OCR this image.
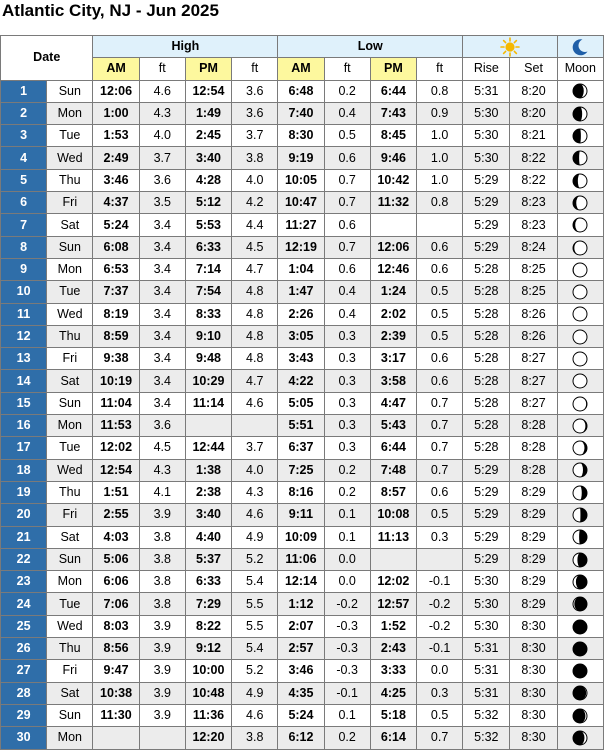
Atlantic City, NJ - Jun 2025
Date		High				Low		
		AM	ft	PM	ft	AM	ft	PM	ft	Rise	Set	Moon
1	Sun	12:06	4.6	12:54	3.6	6:48	0.2	6:44	0.8	5:31	8:20	
2	Mon	1:00	4.3	1:49	3.6	7:40	0.4	7:43	0.9	5:30	8:20	
3	Tue	1:53	4.0	2:45	3.7	8:30	0.5	8:45	1.0	5:30	8:21	
4	Wed	2:49	3.7	3:40	3.8	9:19	0.6	9:46	1.0	5:30	8:22	
5	Thu	3:46	3.6	4:28	4.0	10:05	0.7	10:42	1.0	5:29	8:22	
6	Fri	4:37	3.5	5:12	4.2	10:47	0.7	11:32	0.8	5:29	8:23	
7	Sat	5:24	3.4	5:53	4.4	11:27	0.6			5:29	8:23	
8	Sun	6:08	3.4	6:33	4.5	12:19	0.7	12:06	0.6	5:29	8:24	
9	Mon	6:53	3.4	7:14	4.7	1:04	0.6	12:46	0.6	5:28	8:25	
10	Tue	7:37	3.4	7:54	4.8	1:47	0.4	1:24	0.5	5:28	8:25	
11	Wed	8:19	3.4	8:33	4.8	2:26	0.4	2:02	0.5	5:28	8:26	
12	Thu	8:59	3.4	9:10	4.8	3:05	0.3	2:39	0.5	5:28	8:26	
13	Fri	9:38	3.4	9:48	4.8	3:43	0.3	3:17	0.6	5:28	8:27	
14	Sat	10:19	3.4	10:29	4.7	4:22	0.3	3:58	0.6	5:28	8:27	
15	Sun	11:04	3.4	11:14	4.6	5:05	0.3	4:47	0.7	5:28	8:27	
16	Mon	11:53	3.6			5:51	0.3	5:43	0.7	5:28	8:28	
17	Tue	12:02	4.5	12:44	3.7	6:37	0.3	6:44	0.7	5:28	8:28	
18	Wed	12:54	4.3	1:38	4.0	7:25	0.2	7:48	0.7	5:29	8:28	
19	Thu	1:51	4.1	2:38	4.3	8:16	0.2	8:57	0.6	5:29	8:29	
20	Fri	2:55	3.9	3:40	4.6	9:11	0.1	10:08	0.5	5:29	8:29	
21	Sat	4:03	3.8	4:40	4.9	10:09	0.1	11:13	0.3	5:29	8:29	
22	Sun	5:06	3.8	5:37	5.2	11:06	0.0			5:29	8:29	
23	Mon	6:06	3.8	6:33	5.4	12:14	0.0	12:02	-0.1	5:30	8:29	
24	Tue	7:06	3.8	7:29	5.5	1:12	-0.2	12:57	-0.2	5:30	8:29	
25	Wed	8:03	3.9	8:22	5.5	2:07	-0.3	1:52	-0.2	5:30	8:30	
26	Thu	8:56	3.9	9:12	5.4	2:57	-0.3	2:43	-0.1	5:31	8:30	
27	Fri	9:47	3.9	10:00	5.2	3:46	-0.3	3:33	0.0	5:31	8:30	
28	Sat	10:38	3.9	10:48	4.9	4:35	-0.1	4:25	0.3	5:31	8:30	
29	Sun	11:30	3.9	11:36	4.6	5:24	0.1	5:18	0.5	5:32	8:30	
30	Mon			12:20	3.8	6:12	0.2	6:14	0.7	5:32	8:30	
